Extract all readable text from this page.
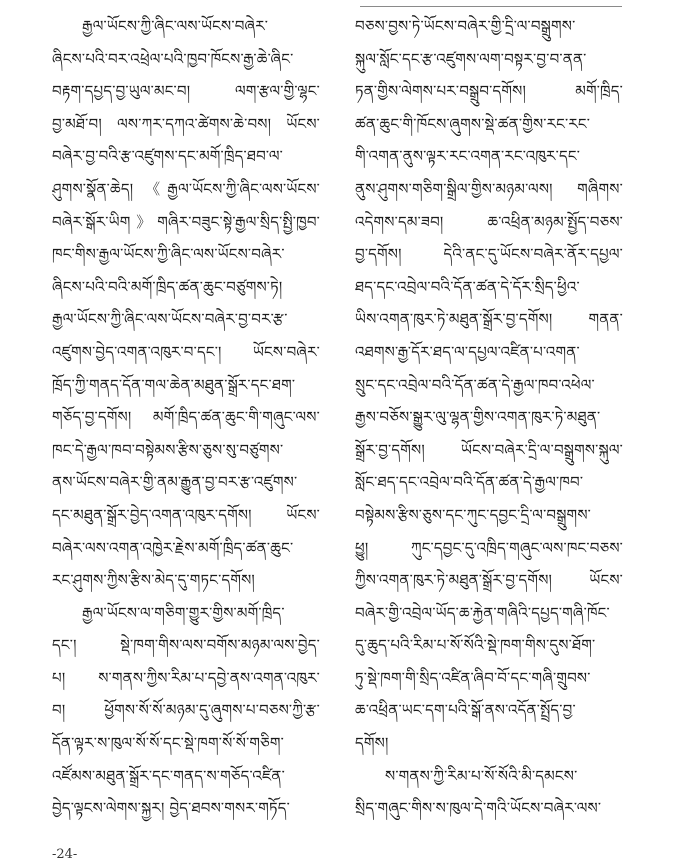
རྒྱལ་ཡོངས་ཀྱི་ཞིང་ལས་ཡོངས་བཞེར་
ཞིངས་པའི་བར་འཕྲེལ་པའི་ཁྱབ་ཁོངས་རྒྱ་ཆེ་ཞིང་
བརྟག་དཔྱད་བྱ་ཡུལ་མང་བ། ལག་རྩལ་གྱི་ལྷང་
བྱ་མཐོ་བ། ལས་ཀར་དཀའ་ཚེགས་ཆེ་བས། ཡོངས་
བཞེར་བྱ་བའི་རྩ་འཛུགས་དང་མགོ་ཁྲིད་ཐབ་ལ་
ཤུགས་སྣོན་ཆེད། 《རྒྱལ་ཡོངས་ཀྱི་ཞིང་ལས་ཡོངས་
བཞེར་སྒོར་ཡིག》གཞིར་བཟུང་སྟེ་རྒྱལ་སྲིད་སྤྱི་ཁྱབ་
ཁང་གིས་རྒྱལ་ཡོངས་ཀྱི་ཞིང་ལས་ཡོངས་བཞེར་
ཞིངས་པའི་བའི་མགོ་ཁྲིད་ཚན་ཆུང་བཙུགས་ཏེ།
རྒྱལ་ཡོངས་ཀྱི་ཞིང་ལས་ཡོངས་བཞེར་བྱ་བར་རྩ་
འཛུགས་བྱེད་འགན་འཁུར་བ་དང་། ཡོངས་བཞེར་
ཁྲོད་ཀྱི་གནད་དོན་གལ་ཆེན་མཐུན་སྒྲོར་དང་ཐག་
གཅོད་བྱ་དགོས། མགོ་ཁྲིད་ཚན་ཆུང་གི་གཞུང་ལས་
ཁང་དེ་རྒྱལ་ཁབ་བསྟེམས་རྩིས་ཅུས་སུ་བཙུགས་
ནས་ཡོངས་བཞེར་གྱི་ནམ་རྒྱུན་བྱ་བར་རྩ་འཛུགས་
དང་མཐུན་སྒྲོར་བྱེད་འགན་འཁུར་དགོས། ཡོངས་
བཞེར་ལས་འགན་འཁྱེར་རྗེས་མགོ་ཁྲིད་ཚན་ཆུང་
རང་ཤུགས་ཀྱིས་རྩིས་མེད་དུ་གཏང་དགོས།
རྒྱལ་ཡོངས་ལ་གཅིག་གྱུར་གྱིས་མགོ་ཁྲིད་
དང་། སྡེ་ཁག་གིས་ལས་བགོས་མཉམ་ལས་བྱེད་
པ། ས་གནས་ཀྱིས་རིམ་པ་དབྱེ་ནས་འགན་འཁུར་
བ། ཕྱོགས་སོ་སོ་མཉམ་དུ་ཞུགས་པ་བཅས་ཀྱི་རྩ་
དོན་ལྟར་ས་ཁུལ་སོ་སོ་དང་སྡེ་ཁག་སོ་སོ་གཅིག་
འཛོམས་མཐུན་སྒྲོར་དང་གནད་ས་གཅོད་འཛིན་
བྱེད་ལྟངས་ལེགས་སྐྱར། བྱེད་ཐབས་གསར་གཏོད་
བཅས་བྱས་ཏེ་ཡོངས་བཞེར་གྱི་དྲི་ལ་བསྒྲུགས་
སྐུལ་སློང་དང་རྩ་འཛུགས་ལག་བསྟར་བྱ་བ་ནན་
ཏན་གྱིས་ལེགས་པར་བསྒྲུབ་དགོས། མགོ་ཁྲིད་
ཚན་ཆུང་གི་ཁོངས་ཞུགས་སྡེ་ཚན་གྱིས་རང་རང་
གི་འགན་ནུས་ལྟར་རང་འགན་རང་འཁུར་དང་
ནུས་ཤུགས་གཅིག་སྒྲིལ་གྱིས་མཉམ་ལས། གཞིགས་
འདེགས་དམ་ཟབ། ཆ་འཕྲིན་མཉམ་སྤྱོད་བཅས་
བྱ་དགོས། དེའི་ནང་དུ་ཡོངས་བཞེར་ནོར་དཔྱལ་
ཐད་དང་འབྲེལ་བའི་དོན་ཚན་དེ་དོར་སྲིད་ཕྱིའ་
ཡིས་འགན་ཁུར་ཏེ་མཐུན་སྒྲོར་བྱ་དགོས། གནན་
འཐགས་རྒྱ་དོར་ཐད་ལ་དཔྱལ་འཛིན་པ་འགན་
སྲུང་དང་འབྲེལ་བའི་དོན་ཚན་དེ་རྒྱལ་ཁབ་འཕེལ་
རྒྱས་བཅོས་སྒྱུར་ལུ་ལྷན་གྱིས་འགན་ཁུར་ཏེ་མཐུན་
སྒྲོར་བྱ་དགོས། ཡོངས་བཞེར་དྲི་ལ་བསྒྲུགས་སྐུལ་
སློང་ཐད་དང་འབྲེལ་བའི་དོན་ཚན་དེ་རྒྱལ་ཁབ་
བསྟེམས་རྩིས་ཅུས་དང་ཀུང་དབྱང་དྲི་ལ་བསྒྲུགས་
ཕྱུ། ཀུང་དབྱང་དུ་འཁྲིད་གཞུང་ལས་ཁང་བཅས་
ཀྱིས་འགན་ཁུར་ཏེ་མཐུན་སྒྲོར་བྱ་དགོས། ཡོངས་
བཞེར་གྱི་འབྲེལ་ཡོད་ཆ་རྐྱེན་གཞིའི་དཔྱད་གཞི་ཁོང་
དུ་ཆུད་པའི་རིམ་པ་སོ་སོའི་སྡེ་ཁག་གིས་དུས་ཐོག་
ཏུ་སྡེ་ཁག་གི་སྲིད་འཛིན་ཞིབ་བོ་དང་གཞི་གྲུབས་
ཆ་འཕྲིན་ཡང་དག་པའི་སྒོ་ནས་འདོན་སྤྲོད་བྱ་
དགོས།
ས་གནས་ཀྱི་རིམ་པ་སོ་སོའི་མི་དམངས་
སྲིད་གཞུང་གིས་ས་ཁུལ་དེ་གའི་ཡོངས་བཞེར་ལས་
-24-
